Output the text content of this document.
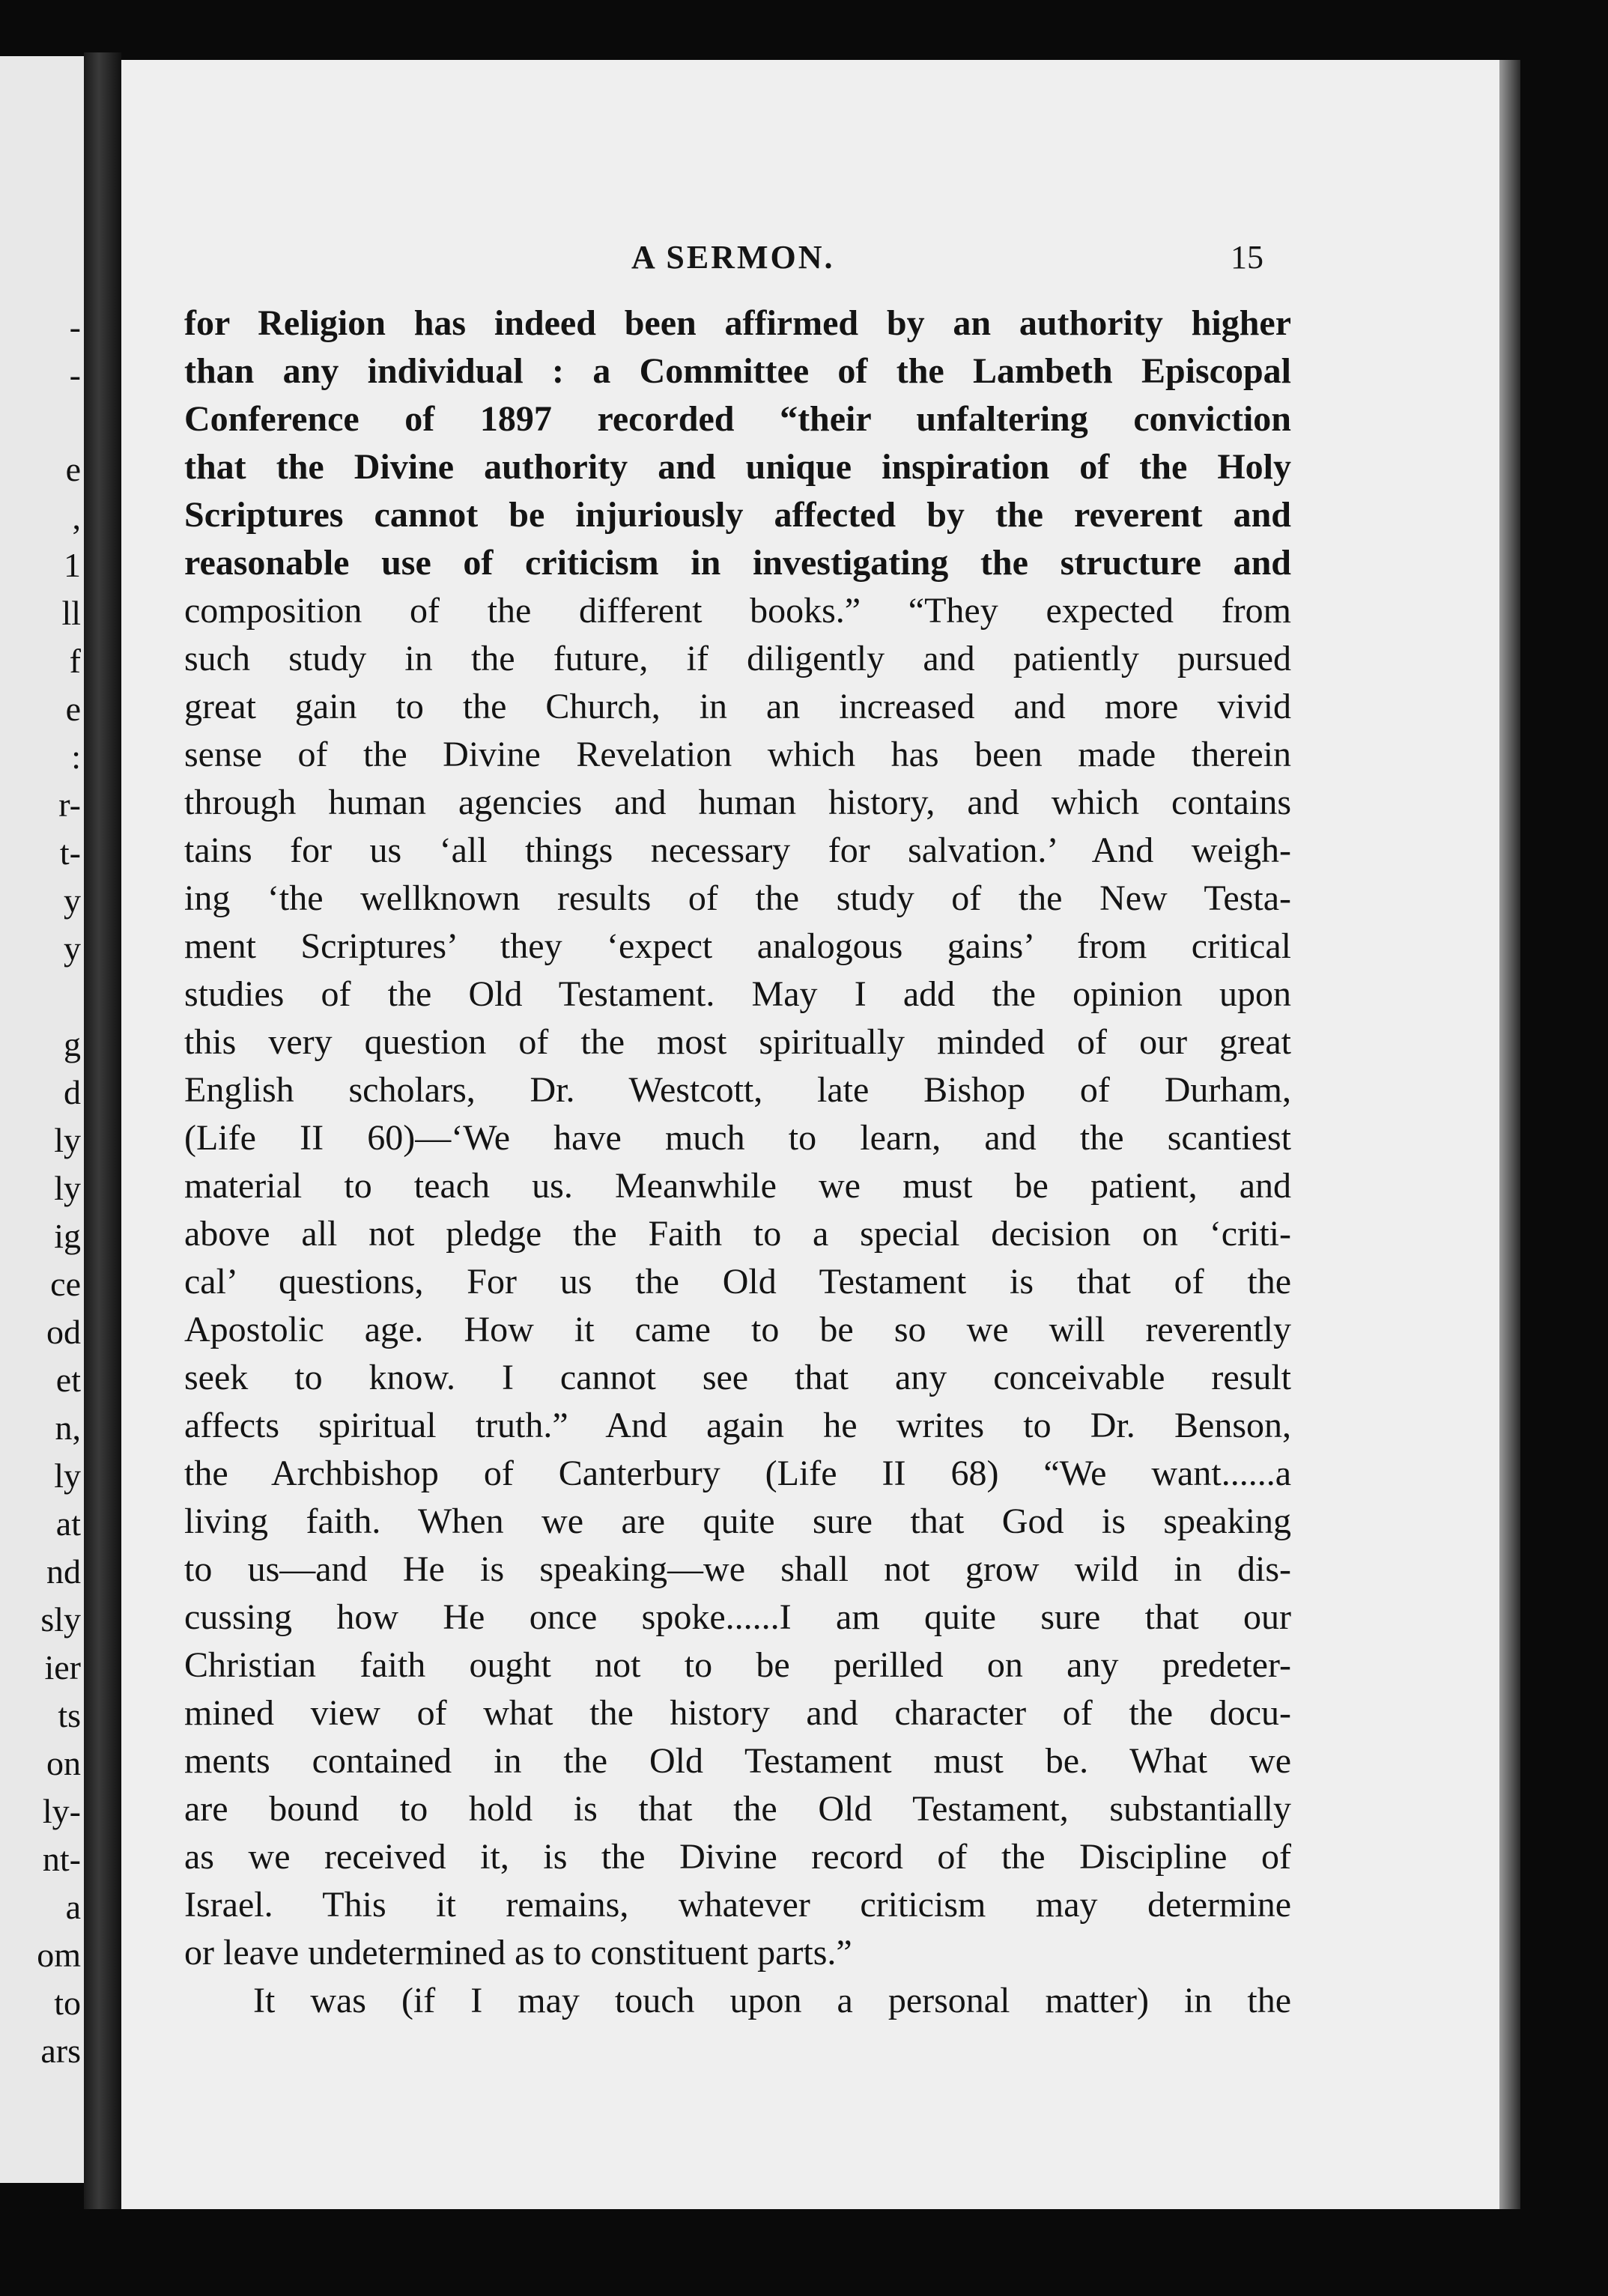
-
-
e
,
1
ll
f
e
:
r-
t-
y
y
g
d
ly
ly
ig
ce
od
et
n,
ly
at
nd
sly
ier
ts
on
ly-
nt-
a
om
to
ars
A SERMON.	15
for Religion has indeed been affirmed by an authority higher
than any individual : a Committee of the Lambeth Episcopal
Conference of 1897 recorded “their unfaltering conviction
that the Divine authority and unique inspiration of the Holy
Scriptures cannot be injuriously affected by the reverent and
reasonable use of criticism in investigating the structure and
composition of the different books.” “They expected from
such study in the future, if diligently and patiently pursued
great gain to the Church, in an increased and more vivid
sense of the Divine Revelation which has been made therein
through human agencies and human history, and which contains
tains for us ‘all things necessary for salvation.’ And weigh-
ing ‘the wellknown results of the study of the New Testa-
ment Scriptures’ they ‘expect analogous gains’ from critical
studies of the Old Testament. May I add the opinion upon
this very question of the most spiritually minded of our great
English scholars, Dr. Westcott, late Bishop of Durham,
(Life II 60)—‘We have much to learn, and the scantiest
material to teach us. Meanwhile we must be patient, and
above all not pledge the Faith to a special decision on ‘criti-
cal’ questions, For us the Old Testament is that of the
Apostolic age. How it came to be so we will reverently
seek to know. I cannot see that any conceivable result
affects spiritual truth.” And again he writes to Dr. Benson,
the Archbishop of Canterbury (Life II 68) “We want......a
living faith. When we are quite sure that God is speaking
to us—and He is speaking—we shall not grow wild in dis-
cussing how He once spoke......I am quite sure that our
Christian faith ought not to be perilled on any predeter-
mined view of what the history and character of the docu-
ments contained in the Old Testament must be. What we
are bound to hold is that the Old Testament, substantially
as we received it, is the Divine record of the Discipline of
Israel. This it remains, whatever criticism may determine
or leave undetermined as to constituent parts.”
It was (if I may touch upon a personal matter) in the
